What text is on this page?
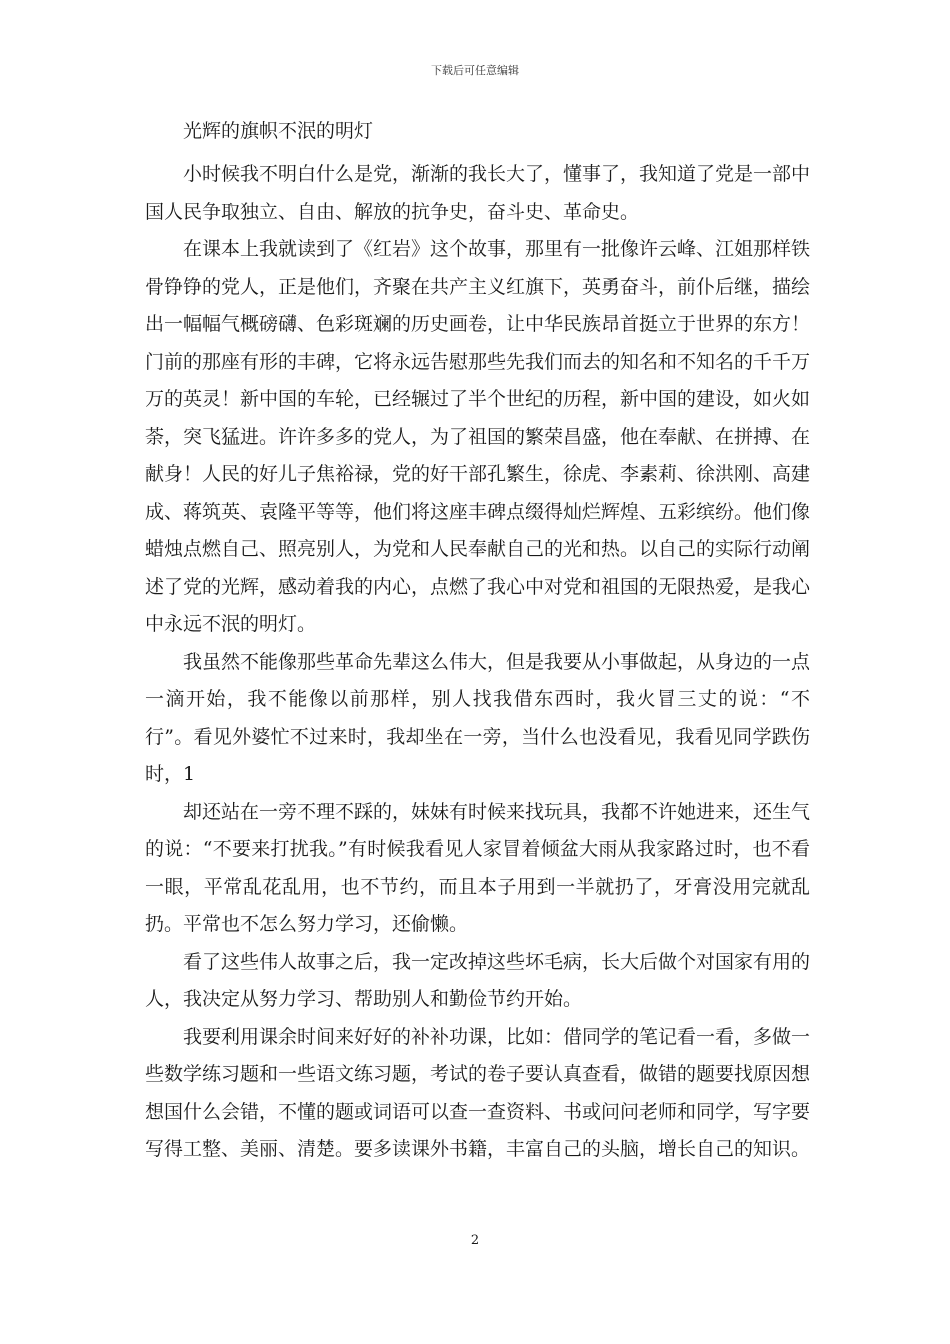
下载后可任意编辑
光辉的旗帜不泯的明灯

小时候我不明白什么是党，渐渐的我长大了，懂事了，我知道了党是一部中国人民争取独立、自由、解放的抗争史，奋斗史、革命史。

在课本上我就读到了《红岩》这个故事，那里有一批像许云峰、江姐那样铁骨铮铮的党人，正是他们，齐聚在共产主义红旗下，英勇奋斗，前仆后继，描绘出一幅幅气概磅礴、色彩斑斓的历史画卷，让中华民族昂首挺立于世界的东方！门前的那座有形的丰碑，它将永远告慰那些先我们而去的知名和不知名的千千万万的英灵！新中国的车轮，已经辗过了半个世纪的历程，新中国的建设，如火如荼，突飞猛进。许许多多的党人，为了祖国的繁荣昌盛，他在奉献、在拼搏、在献身！人民的好儿子焦裕禄，党的好干部孔繁生，徐虎、李素莉、徐洪刚、高建成、蒋筑英、袁隆平等等，他们将这座丰碑点缀得灿烂辉煌、五彩缤纷。他们像蜡烛点燃自己、照亮别人，为党和人民奉献自己的光和热。以自己的实际行动阐述了党的光辉，感动着我的内心，点燃了我心中对党和祖国的无限热爱，是我心中永远不泯的明灯。

我虽然不能像那些革命先辈这么伟大，但是我要从小事做起，从身边的一点一滴开始，我不能像以前那样，别人找我借东西时，我火冒三丈的说：“不行”。看见外婆忙不过来时，我却坐在一旁，当什么也没看见，我看见同学跌伤时，1

却还站在一旁不理不踩的，妹妹有时候来找玩具，我都不许她进来，还生气的说：“不要来打扰我。”有时候我看见人家冒着倾盆大雨从我家路过时，也不看一眼，平常乱花乱用，也不节约，而且本子用到一半就扔了，牙膏没用完就乱扔。平常也不怎么努力学习，还偷懒。

看了这些伟人故事之后，我一定改掉这些坏毛病，长大后做个对国家有用的人，我决定从努力学习、帮助别人和勤俭节约开始。

我要利用课余时间来好好的补补功课，比如：借同学的笔记看一看，多做一些数学练习题和一些语文练习题，考试的卷子要认真查看，做错的题要找原因想想国什么会错，不懂的题或词语可以查一查资料、书或问问老师和同学，写字要写得工整、美丽、清楚。要多读课外书籍，丰富自己的头脑，增长自己的知识。

2
